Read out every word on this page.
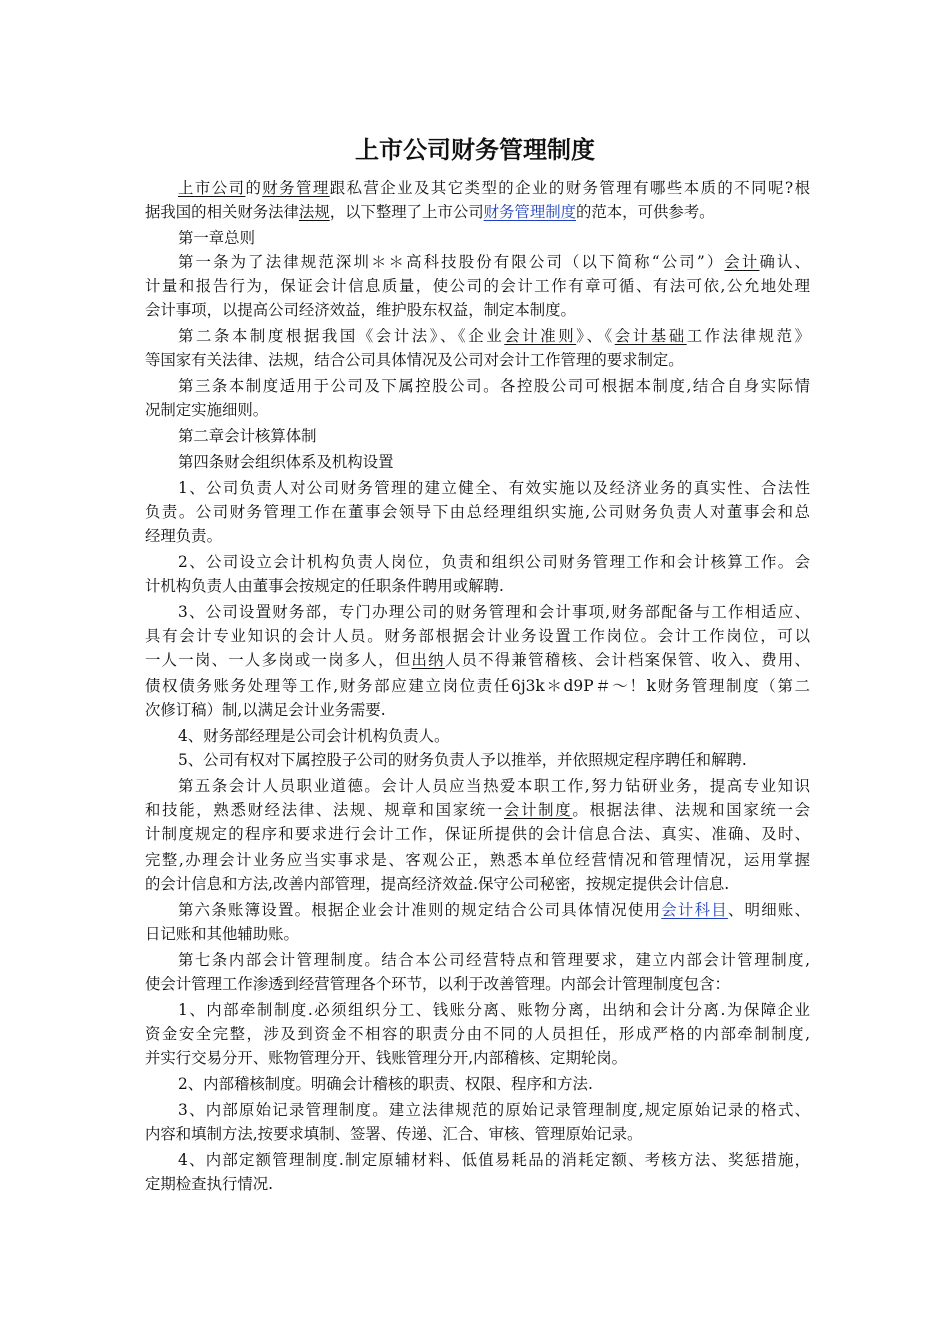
上市公司财务管理制度
上市公司的财务管理跟私营企业及其它类型的企业的财务管理有哪些本质的不同呢?根
据我国的相关财务法律法规，以下整理了上市公司财务管理制度的范本，可供参考。
第一章总则
第一条为了法律规范深圳＊＊高科技股份有限公司（以下简称“公司”）会计确认、
计量和报告行为，保证会计信息质量，使公司的会计工作有章可循、有法可依,公允地处理
会计事项，以提高公司经济效益，维护股东权益，制定本制度。
第二条本制度根据我国《会计法》、《企业会计准则》、《会计基础工作法律规范》
等国家有关法律、法规，结合公司具体情况及公司对会计工作管理的要求制定。
第三条本制度适用于公司及下属控股公司。各控股公司可根据本制度,结合自身实际情
况制定实施细则。
第二章会计核算体制
第四条财会组织体系及机构设置
1、公司负责人对公司财务管理的建立健全、有效实施以及经济业务的真实性、合法性
负责。公司财务管理工作在董事会领导下由总经理组织实施,公司财务负责人对董事会和总
经理负责。
2、公司设立会计机构负责人岗位，负责和组织公司财务管理工作和会计核算工作。会
计机构负责人由董事会按规定的任职条件聘用或解聘.
3、公司设置财务部，专门办理公司的财务管理和会计事项,财务部配备与工作相适应、
具有会计专业知识的会计人员。财务部根据会计业务设置工作岗位。会计工作岗位，可以
一人一岗、一人多岗或一岗多人，但出纳人员不得兼管稽核、会计档案保管、收入、费用、
债权债务账务处理等工作,财务部应建立岗位责任6j3k＊d9P＃～！k财务管理制度（第二
次修订稿）制,以满足会计业务需要.
4、财务部经理是公司会计机构负责人。
5、公司有权对下属控股子公司的财务负责人予以推举，并依照规定程序聘任和解聘.
第五条会计人员职业道德。会计人员应当热爱本职工作,努力钻研业务，提高专业知识
和技能，熟悉财经法律、法规、规章和国家统一会计制度。根据法律、法规和国家统一会
计制度规定的程序和要求进行会计工作，保证所提供的会计信息合法、真实、准确、及时、
完整,办理会计业务应当实事求是、客观公正，熟悉本单位经营情况和管理情况，运用掌握
的会计信息和方法,改善内部管理，提高经济效益.保守公司秘密，按规定提供会计信息.
第六条账簿设置。根据企业会计准则的规定结合公司具体情况使用会计科目、明细账、
日记账和其他辅助账。
第七条内部会计管理制度。结合本公司经营特点和管理要求，建立内部会计管理制度,
使会计管理工作渗透到经营管理各个环节，以利于改善管理。内部会计管理制度包含：
1、内部牵制制度.必须组织分工、钱账分离、账物分离，出纳和会计分离.为保障企业
资金安全完整，涉及到资金不相容的职责分由不同的人员担任，形成严格的内部牵制制度,
并实行交易分开、账物管理分开、钱账管理分开,内部稽核、定期轮岗。
2、内部稽核制度。明确会计稽核的职责、权限、程序和方法.
3、内部原始记录管理制度。建立法律规范的原始记录管理制度,规定原始记录的格式、
内容和填制方法,按要求填制、签署、传递、汇合、审核、管理原始记录。
4、内部定额管理制度.制定原辅材料、低值易耗品的消耗定额、考核方法、奖惩措施，
定期检查执行情况.
